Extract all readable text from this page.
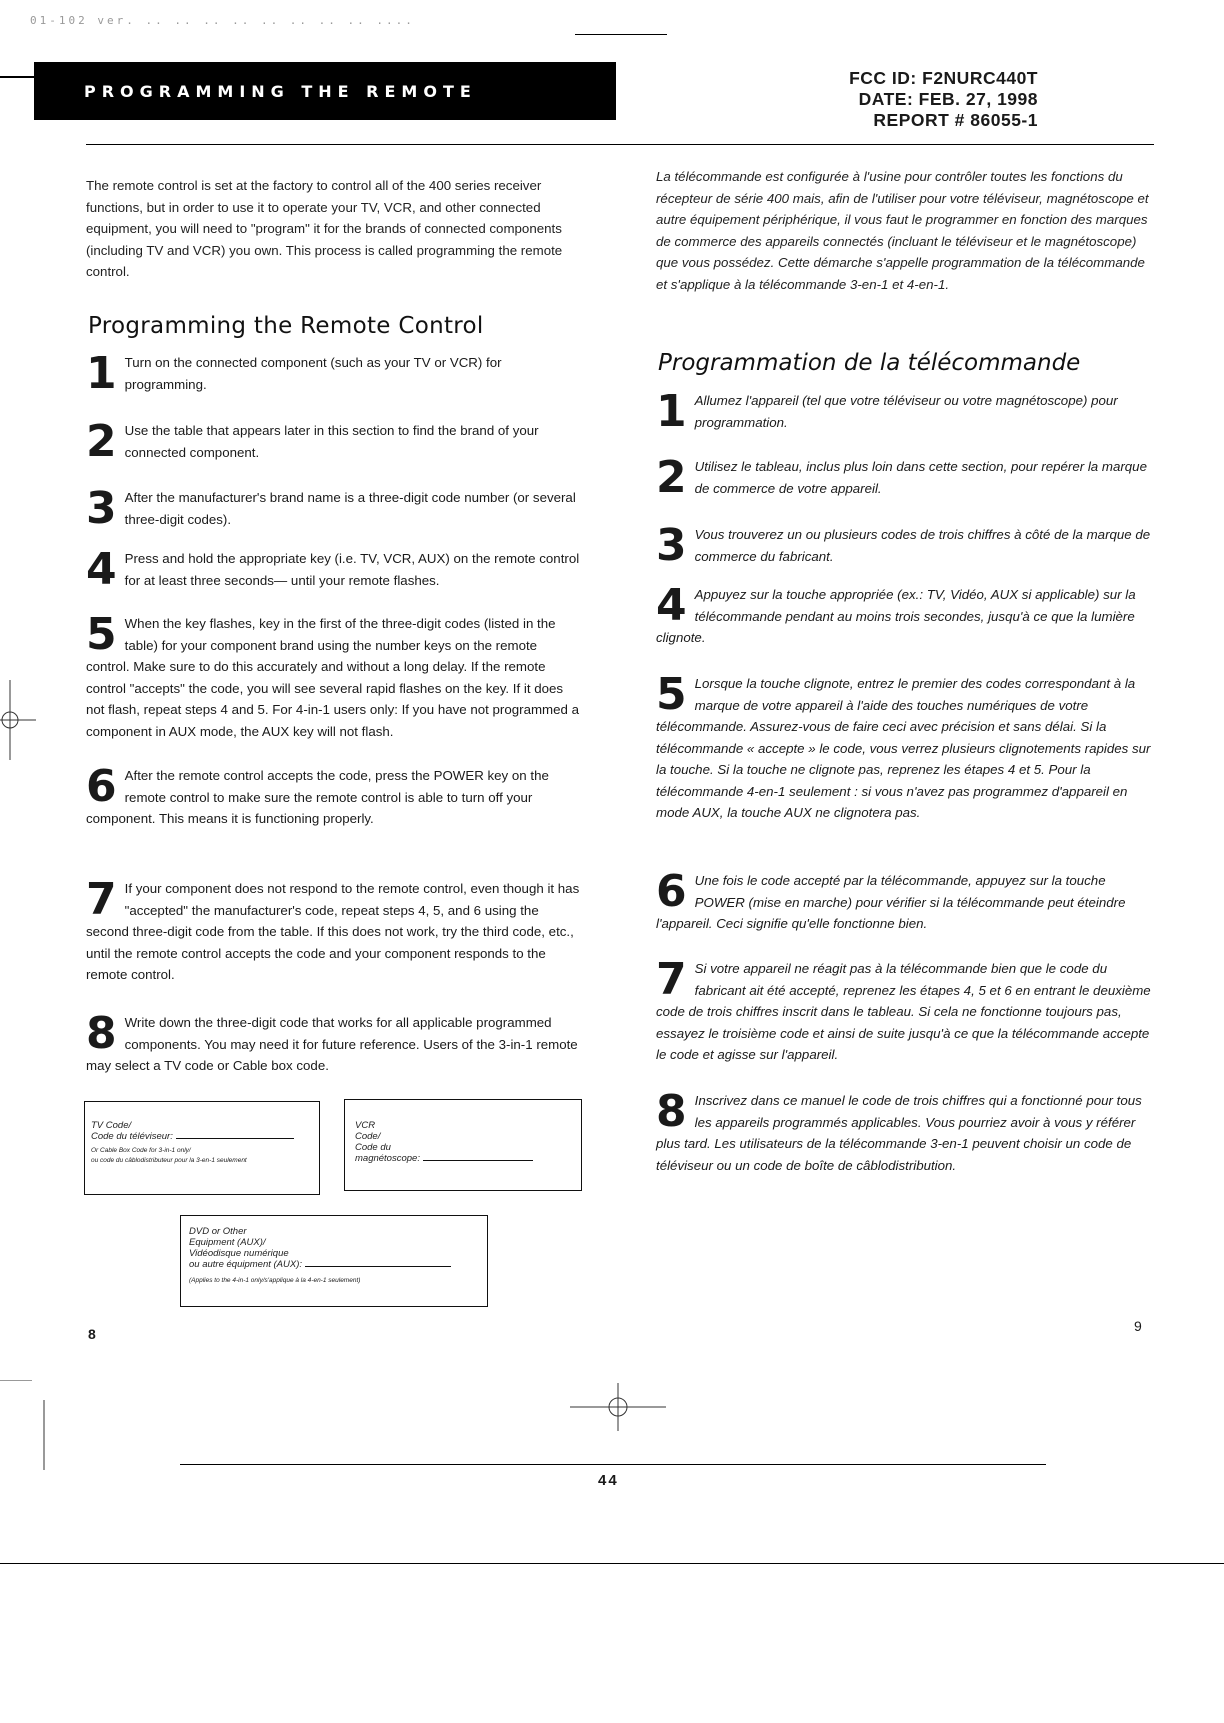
01-102 ver. .. .. .. .. .. .. .. .. ....
PROGRAMMING THE REMOTE
FCC ID: F2NURC440T
DATE: FEB. 27, 1998
REPORT # 86055-1

The remote control is set at the factory to control all of the 400 series receiver functions, but in order to use it to operate your TV, VCR, and other connected equipment, you will need to "program" it for the brands of connected components (including TV and VCR) you own. This process is called programming the remote control.

Programming the Remote Control
1 Turn on the connected component (such as your TV or VCR) for programming.
2 Use the table that appears later in this section to find the brand of your connected component.
3 After the manufacturer's brand name is a three-digit code number (or several three-digit codes).
4 Press and hold the appropriate key (i.e. TV, VCR, AUX) on the remote control for at least three seconds— until your remote flashes.
5 When the key flashes, key in the first of the three-digit codes (listed in the table) for your component brand using the number keys on the remote control. Make sure to do this accurately and without a long delay. If the remote control "accepts" the code, you will see several rapid flashes on the key. If it does not flash, repeat steps 4 and 5. For 4-in-1 users only: If you have not programmed a component in AUX mode, the AUX key will not flash.
6 After the remote control accepts the code, press the POWER key on the remote control to make sure the remote control is able to turn off your component. This means it is functioning properly.
7 If your component does not respond to the remote control, even though it has "accepted" the manufacturer's code, repeat steps 4, 5, and 6 using the second three-digit code from the table. If this does not work, try the third code, etc., until the remote control accepts the code and your component responds to the remote control.
8 Write down the three-digit code that works for all applicable programmed components. You may need it for future reference. Users of the 3-in-1 remote may select a TV code or Cable box code.
TV Code/
Code du téléviseur:
Or Cable Box Code for 3-in-1 only/
ou code du câblodistributeur pour la 3-en-1 seulement
VCR
Code/
Code du
magnétoscope:
DVD or Other
Equipment (AUX)/
Vidéodisque numérique
ou autre équipment (AUX):
(Applies to the 4-in-1 only/s'applique à la 4-en-1 seulement)

La télécommande est configurée à l'usine pour contrôler toutes les fonctions du récepteur de série 400 mais, afin de l'utiliser pour votre téléviseur, magnétoscope et autre équipement périphérique, il vous faut le programmer en fonction des marques de commerce des appareils connectés (incluant le téléviseur et le magnétoscope) que vous possédez. Cette démarche s'appelle programmation de la télécommande et s'applique à la télécommande 3-en-1 et 4-en-1.

Programmation de la télécommande
1 Allumez l'appareil (tel que votre téléviseur ou votre magnétoscope) pour programmation.
2 Utilisez le tableau, inclus plus loin dans cette section, pour repérer la marque de commerce de votre appareil.
3 Vous trouverez un ou plusieurs codes de trois chiffres à côté de la marque de commerce du fabricant.
4 Appuyez sur la touche appropriée (ex.: TV, Vidéo, AUX si applicable) sur la télécommande pendant au moins trois secondes, jusqu'à ce que la lumière clignote.
5 Lorsque la touche clignote, entrez le premier des codes correspondant à la marque de votre appareil à l'aide des touches numériques de votre télécommande. Assurez-vous de faire ceci avec précision et sans délai. Si la télécommande « accepte » le code, vous verrez plusieurs clignotements rapides sur la touche. Si la touche ne clignote pas, reprenez les étapes 4 et 5. Pour la télécommande 4-en-1 seulement : si vous n'avez pas programmez d'appareil en mode AUX, la touche AUX ne clignotera pas.
6 Une fois le code accepté par la télécommande, appuyez sur la touche POWER (mise en marche) pour vérifier si la télécommande peut éteindre l'appareil. Ceci signifie qu'elle fonctionne bien.
7 Si votre appareil ne réagit pas à la télécommande bien que le code du fabricant ait été accepté, reprenez les étapes 4, 5 et 6 en entrant le deuxième code de trois chiffres inscrit dans le tableau. Si cela ne fonctionne toujours pas, essayez le troisième code et ainsi de suite jusqu'à ce que la télécommande accepte le code et agisse sur l'appareil.
8 Inscrivez dans ce manuel le code de trois chiffres qui a fonctionné pour tous les appareils programmés applicables. Vous pourriez avoir à vous y référer plus tard. Les utilisateurs de la télécommande 3-en-1 peuvent choisir un code de téléviseur ou un code de boîte de câblodistribution.
8	9
44
